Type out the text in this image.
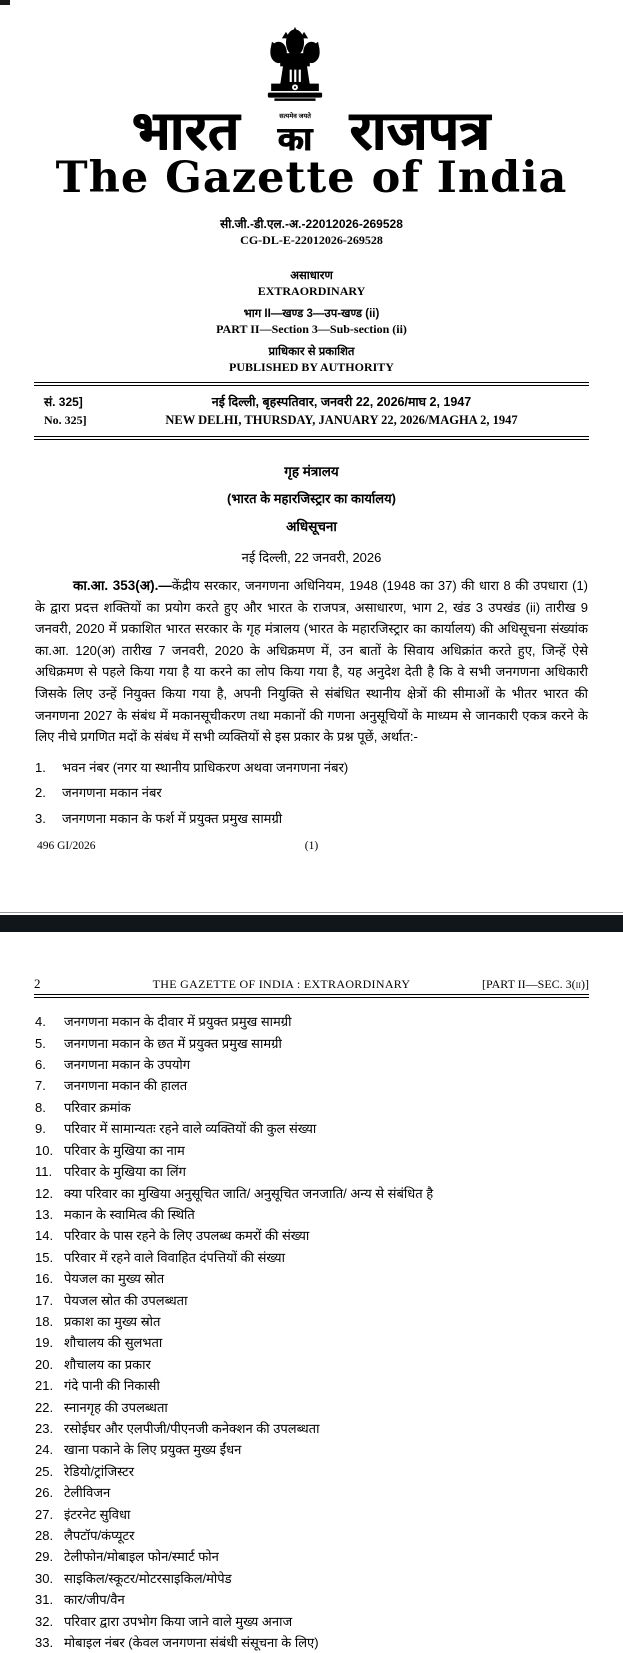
भारत	सत्यमेव जयते
का राजपत्र
The Gazette of India
सी.जी.-डी.एल.-अ.-22012026-269528
CG-DL-E-22012026-269528
असाधारण
EXTRAORDINARY
भाग II—खण्ड 3—उप-खण्ड (ii)
PART II—Section 3—Sub-section (ii)
प्राधिकार से प्रकाशित
PUBLISHED BY AUTHORITY
सं. 325]
No. 325]
नई दिल्ली, बृहस्पतिवार, जनवरी 22, 2026/माघ 2, 1947
NEW DELHI, THURSDAY, JANUARY 22, 2026/MAGHA 2, 1947
गृह मंत्रालय
(भारत के महारजिस्ट्रार का कार्यालय)
अधिसूचना
नई दिल्ली, 22 जनवरी, 2026
का.आ. 353(अ).—केंद्रीय सरकार, जनगणना अधिनियम, 1948 (1948 का 37) की धारा 8 की उपधारा (1) के द्वारा प्रदत्त शक्तियों का प्रयोग करते हुए और भारत के राजपत्र, असाधारण, भाग 2, खंड 3 उपखंड (ii) तारीख 9 जनवरी, 2020 में प्रकाशित भारत सरकार के गृह मंत्रालय (भारत के महारजिस्ट्रार का कार्यालय) की अधिसूचना संख्यांक का.आ. 120(अ) तारीख 7 जनवरी, 2020 के अधिक्रमण में, उन बातों के सिवाय अधिक्रांत करते हुए, जिन्हें ऐसे अधिक्रमण से पहले किया गया है या करने का लोप किया गया है, यह अनुदेश देती है कि वे सभी जनगणना अधिकारी जिसके लिए उन्हें नियुक्त किया गया है, अपनी नियुक्ति से संबंधित स्थानीय क्षेत्रों की सीमाओं के भीतर भारत की जनगणना 2027 के संबंध में मकानसूचीकरण तथा मकानों की गणना अनुसूचियों के माध्यम से जानकारी एकत्र करने के लिए नीचे प्रगणित मदों के संबंध में सभी व्यक्तियों से इस प्रकार के प्रश्न पूछें, अर्थात:-
1.	भवन नंबर (नगर या स्थानीय प्राधिकरण अथवा जनगणना नंबर)
2.	जनगणना मकान नंबर
3.	जनगणना मकान के फर्श में प्रयुक्त प्रमुख सामग्री
496 GI/2026	(1)
2	THE GAZETTE OF INDIA : EXTRAORDINARY	[PART II—SEC. 3(ii)]
4.	जनगणना मकान के दीवार में प्रयुक्त प्रमुख सामग्री
5.	जनगणना मकान के छत में प्रयुक्त प्रमुख सामग्री
6.	जनगणना मकान के उपयोग
7.	जनगणना मकान की हालत
8.	परिवार क्रमांक
9.	परिवार में सामान्यतः रहने वाले व्यक्तियों की कुल संख्या
10. परिवार के मुखिया का नाम
11. परिवार के मुखिया का लिंग
12. क्या परिवार का मुखिया अनुसूचित जाति/ अनुसूचित जनजाति/ अन्य से संबंधित है
13. मकान के स्वामित्व की स्थिति
14. परिवार के पास रहने के लिए उपलब्ध कमरों की संख्या
15. परिवार में रहने वाले विवाहित दंपत्तियों की संख्या
16. पेयजल का मुख्य स्रोत
17. पेयजल स्रोत की उपलब्धता
18. प्रकाश का मुख्य स्रोत
19. शौचालय की सुलभता
20. शौचालय का प्रकार
21. गंदे पानी की निकासी
22. स्नानगृह की उपलब्धता
23. रसोईघर और एलपीजी/पीएनजी कनेक्शन की उपलब्धता
24. खाना पकाने के लिए प्रयुक्त मुख्य ईंधन
25. रेडियो/ट्रांजिस्टर
26. टेलीविजन
27. इंटरनेट सुविधा
28. लैपटॉप/कंप्यूटर
29. टेलीफोन/मोबाइल फोन/स्मार्ट फोन
30. साइकिल/स्कूटर/मोटरसाइकिल/मोपेड
31. कार/जीप/वैन
32. परिवार द्वारा उपभोग किया जाने वाले मुख्य अनाज
33. मोबाइल नंबर (केवल जनगणना संबंधी संसूचना के लिए)
